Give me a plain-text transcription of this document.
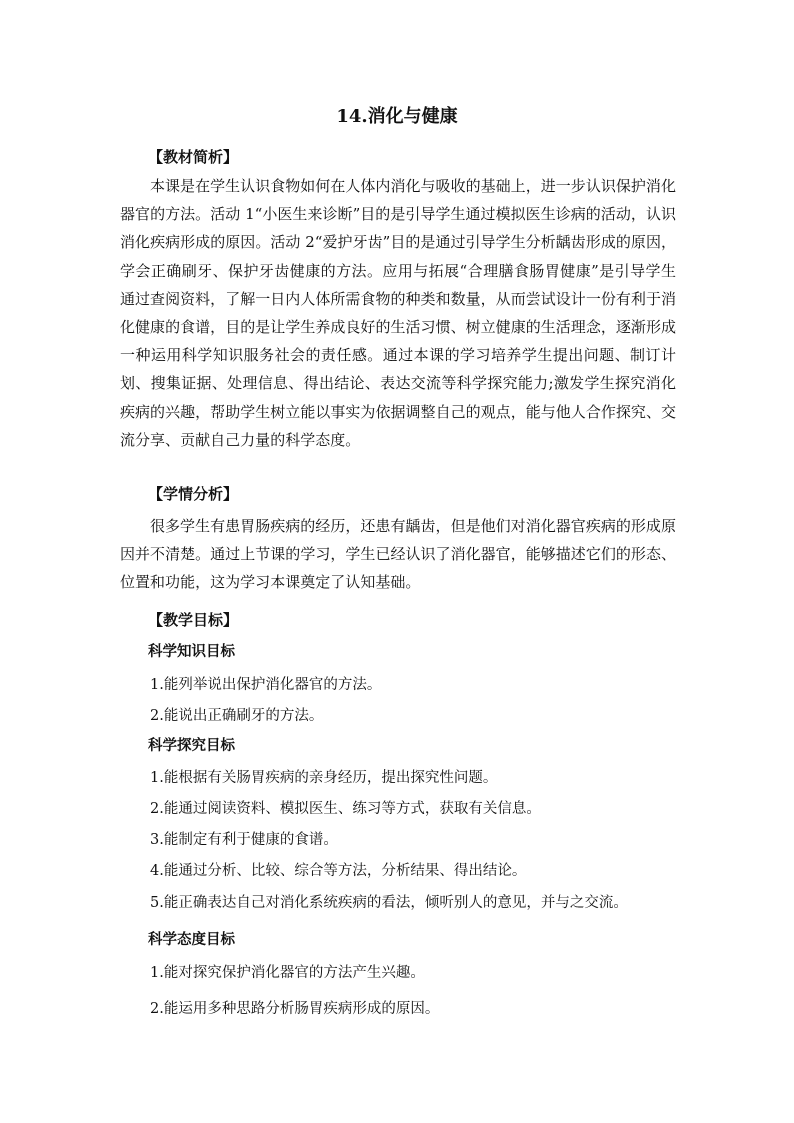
14.消化与健康
【教材简析】
本课是在学生认识食物如何在人体内消化与吸收的基础上，进一步认识保护消化器官的方法。活动 1“小医生来诊断”目的是引导学生通过模拟医生诊病的活动，认识消化疾病形成的原因。活动 2“爱护牙齿”目的是通过引导学生分析龋齿形成的原因，学会正确刷牙、保护牙齿健康的方法。应用与拓展“合理膳食肠胃健康”是引导学生通过查阅资料，了解一日内人体所需食物的种类和数量，从而尝试设计一份有利于消化健康的食谱，目的是让学生养成良好的生活习惯、树立健康的生活理念，逐渐形成一种运用科学知识服务社会的责任感。通过本课的学习培养学生提出问题、制订计划、搜集证据、处理信息、得出结论、表达交流等科学探究能力;激发学生探究消化疾病的兴趣，帮助学生树立能以事实为依据调整自己的观点，能与他人合作探究、交流分享、贡献自己力量的科学态度。
【学情分析】
很多学生有患胃肠疾病的经历，还患有龋齿，但是他们对消化器官疾病的形成原因并不清楚。通过上节课的学习，学生已经认识了消化器官，能够描述它们的形态、位置和功能，这为学习本课奠定了认知基础。
【教学目标】
科学知识目标
1.能列举说出保护消化器官的方法。
2.能说出正确刷牙的方法。
科学探究目标
1.能根据有关肠胃疾病的亲身经历，提出探究性问题。
2.能通过阅读资料、模拟医生、练习等方式，获取有关信息。
3.能制定有利于健康的食谱。
4.能通过分析、比较、综合等方法，分析结果、得出结论。
5.能正确表达自己对消化系统疾病的看法，倾听别人的意见，并与之交流。
科学态度目标
1.能对探究保护消化器官的方法产生兴趣。
2.能运用多种思路分析肠胃疾病形成的原因。
